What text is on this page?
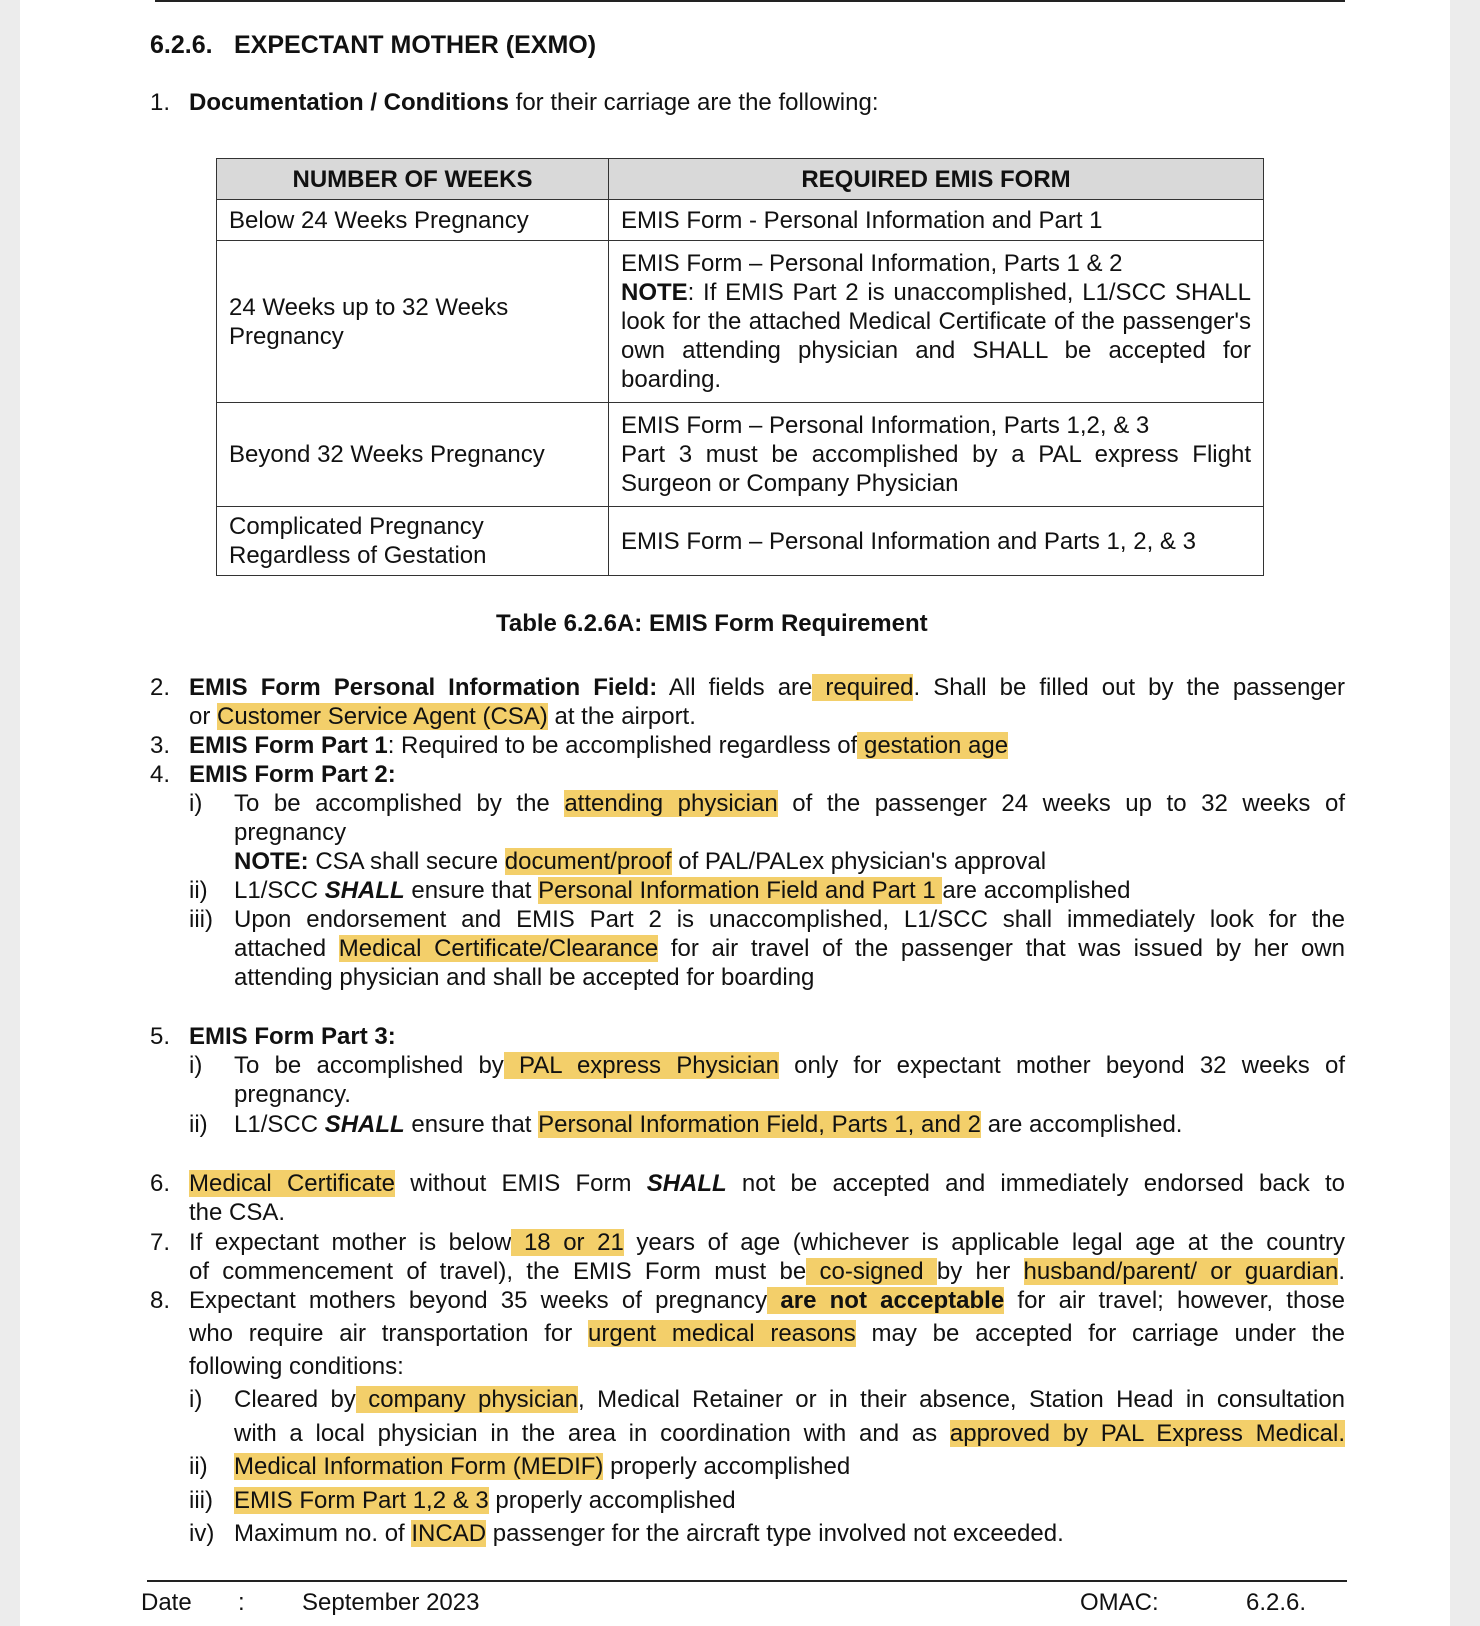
6.2.6. EXPECTANT MOTHER (EXMO)
1. Documentation / Conditions for their carriage are the following:
NUMBER OF WEEKS	REQUIRED EMIS FORM
Below 24 Weeks Pregnancy	EMIS Form - Personal Information and Part 1
24 Weeks up to 32 Weeks Pregnancy	EMIS Form – Personal Information, Parts 1 & 2
NOTE: If EMIS Part 2 is unaccomplished, L1/SCC SHALL look for the attached Medical Certificate of the passenger's own attending physician and SHALL be accepted for boarding.

Beyond 32 Weeks Pregnancy	EMIS Form – Personal Information, Parts 1,2, & 3
Part 3 must be accomplished by a PAL express Flight Surgeon or Company Physician

Complicated Pregnancy Regardless of Gestation	EMIS Form – Personal Information and Parts 1, 2, & 3
Table 6.2.6A: EMIS Form Requirement
2. EMIS Form Personal Information Field: All fields are required. Shall be filled out by the passenger
or Customer Service Agent (CSA) at the airport.
3. EMIS Form Part 1: Required to be accomplished regardless of gestation age
4. EMIS Form Part 2:
i) To be accomplished by the attending physician of the passenger 24 weeks up to 32 weeks of
pregnancy
NOTE: CSA shall secure document/proof of PAL/PALex physician's approval
ii) L1/SCC SHALL ensure that Personal Information Field and Part 1 are accomplished
iii) Upon endorsement and EMIS Part 2 is unaccomplished, L1/SCC shall immediately look for the
attached Medical Certificate/Clearance for air travel of the passenger that was issued by her own
attending physician and shall be accepted for boarding
5. EMIS Form Part 3:
i) To be accomplished by PAL express Physician only for expectant mother beyond 32 weeks of
pregnancy.
ii) L1/SCC SHALL ensure that Personal Information Field, Parts 1, and 2 are accomplished.
6. Medical Certificate without EMIS Form SHALL not be accepted and immediately endorsed back to
the CSA.
7. If expectant mother is below 18 or 21 years of age (whichever is applicable legal age at the country
of commencement of travel), the EMIS Form must be co-signed by her husband/parent/ or guardian.
8. Expectant mothers beyond 35 weeks of pregnancy are not acceptable for air travel; however, those
who require air transportation for urgent medical reasons may be accepted for carriage under the
following conditions:
i) Cleared by company physician, Medical Retainer or in their absence, Station Head in consultation
with a local physician in the area in coordination with and as approved by PAL Express Medical.
ii) Medical Information Form (MEDIF) properly accomplished
iii) EMIS Form Part 1,2 & 3 properly accomplished
iv) Maximum no. of INCAD passenger for the aircraft type involved not exceeded.
Date : September 2023	OMAC:	6.2.6.
